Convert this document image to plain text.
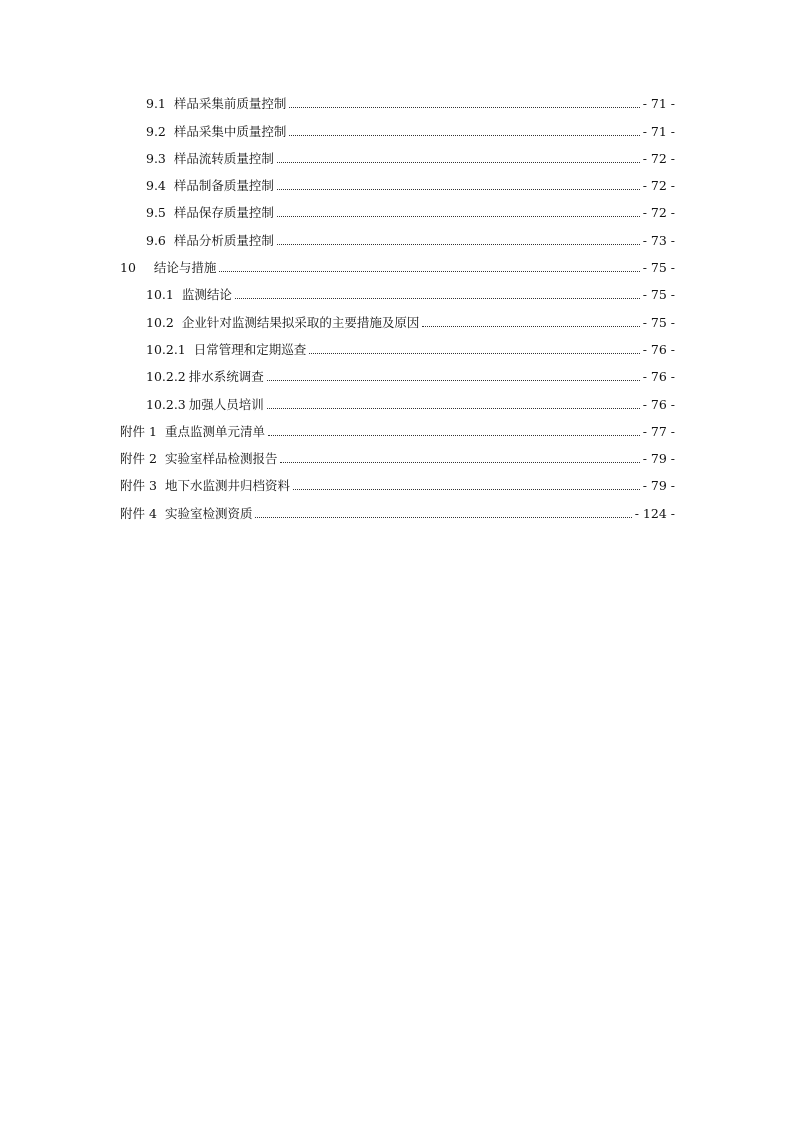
9.1 样品采集前质量控制	- 71 -
9.2 样品采集中质量控制	- 71 -
9.3 样品流转质量控制	- 72 -
9.4 样品制备质量控制	- 72 -
9.5 样品保存质量控制	- 72 -
9.6 样品分析质量控制	- 73 -
10 结论与措施	- 75 -
10.1 监测结论	- 75 -
10.2 企业针对监测结果拟采取的主要措施及原因	- 75 -
10.2.1 日常管理和定期巡查	- 76 -
10.2.2 排水系统调查	- 76 -
10.2.3 加强人员培训	- 76 -
附件 1 重点监测单元清单	- 77 -
附件 2 实验室样品检测报告	- 79 -
附件 3 地下水监测井归档资料	- 79 -
附件 4 实验室检测资质	- 124 -
